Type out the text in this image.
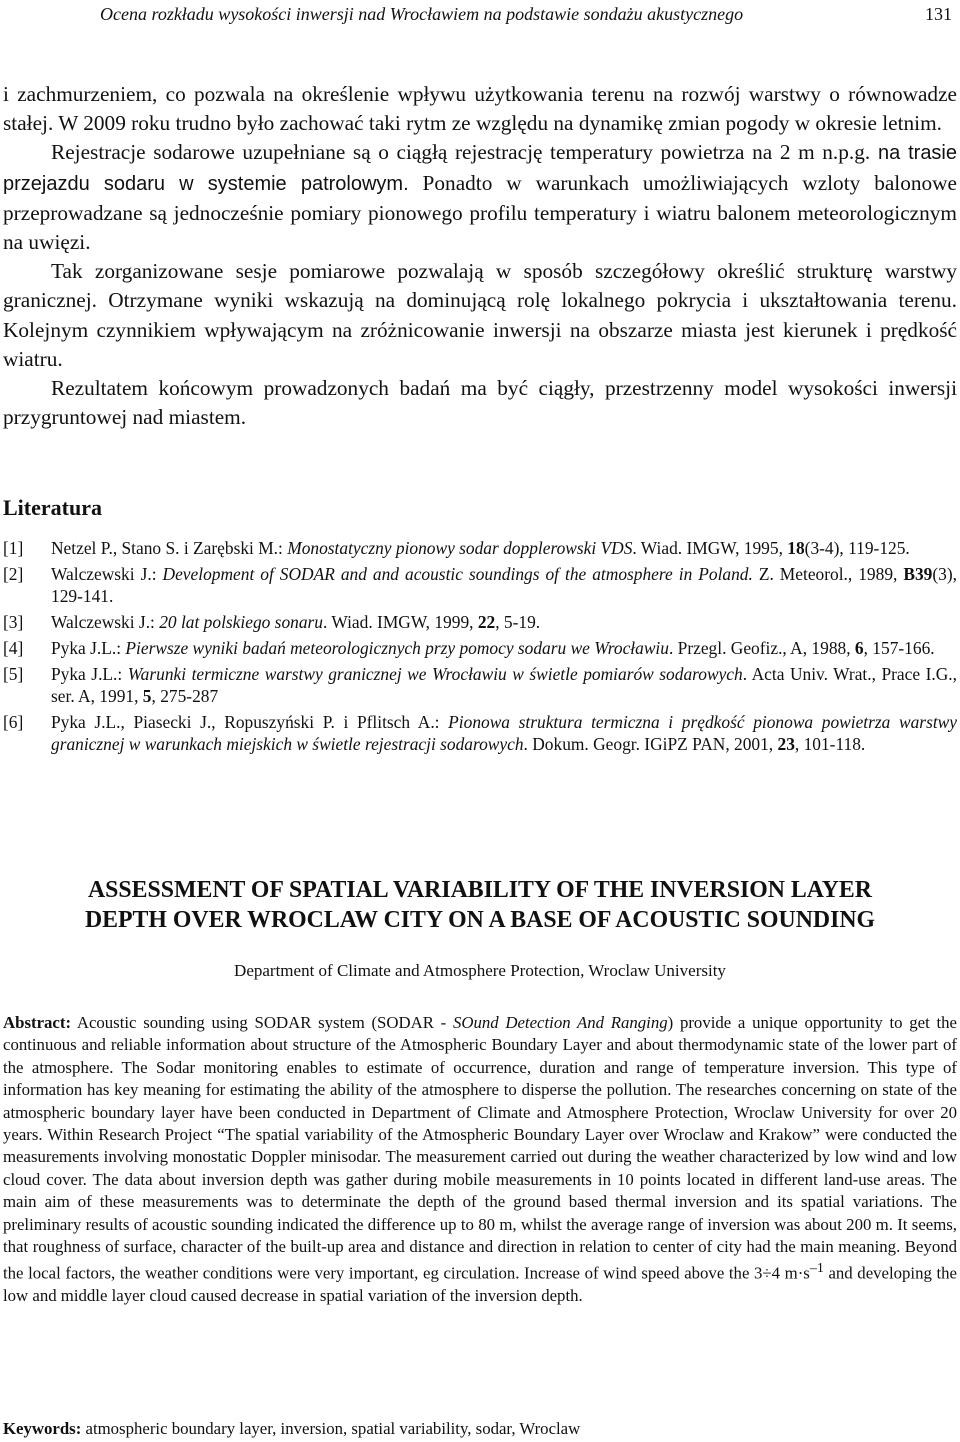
Ocena rozkładu wysokości inwersji nad Wrocławiem na podstawie sondażu akustycznego	131

i zachmurzeniem, co pozwala na określenie wpływu użytkowania terenu na rozwój warstwy o równowadze stałej. W 2009 roku trudno było zachować taki rytm ze względu na dynamikę zmian pogody w okresie letnim.

Rejestracje sodarowe uzupełniane są o ciągłą rejestrację temperatury powietrza na 2 m n.p.g. na trasie przejazdu sodaru w systemie patrolowym. Ponadto w warunkach umożliwiających wzloty balonowe przeprowadzane są jednocześnie pomiary pionowego profilu temperatury i wiatru balonem meteorologicznym na uwięzi.

Tak zorganizowane sesje pomiarowe pozwalają w sposób szczegółowy określić strukturę warstwy granicznej. Otrzymane wyniki wskazują na dominującą rolę lokalnego pokrycia i ukształtowania terenu. Kolejnym czynnikiem wpływającym na zróżnicowanie inwersji na obszarze miasta jest kierunek i prędkość wiatru.

Rezultatem końcowym prowadzonych badań ma być ciągły, przestrzenny model wysokości inwersji przygruntowej nad miastem.

Literatura
[1]	Netzel P., Stano S. i Zarębski M.: Monostatyczny pionowy sodar dopplerowski VDS. Wiad. IMGW, 1995, 18(3-4), 119-125.
[2]	Walczewski J.: Development of SODAR and and acoustic soundings of the atmosphere in Poland. Z. Meteorol., 1989, B39(3), 129-141.
[3]	Walczewski J.: 20 lat polskiego sonaru. Wiad. IMGW, 1999, 22, 5-19.
[4]	Pyka J.L.: Pierwsze wyniki badań meteorologicznych przy pomocy sodaru we Wrocławiu. Przegl. Geofiz., A, 1988, 6, 157-166.
[5]	Pyka J.L.: Warunki termiczne warstwy granicznej we Wrocławiu w świetle pomiarów sodarowych. Acta Univ. Wrat., Prace I.G., ser. A, 1991, 5, 275-287
[6]	Pyka J.L., Piasecki J., Ropuszyński P. i Pflitsch A.: Pionowa struktura termiczna i prędkość pionowa powietrza warstwy granicznej w warunkach miejskich w świetle rejestracji sodarowych. Dokum. Geogr. IGiPZ PAN, 2001, 23, 101-118.
ASSESSMENT OF SPATIAL VARIABILITY OF THE INVERSION LAYER
DEPTH OVER WROCLAW CITY ON A BASE OF ACOUSTIC SOUNDING
Department of Climate and Atmosphere Protection, Wroclaw University
Abstract: Acoustic sounding using SODAR system (SODAR - SOund Detection And Ranging) provide a unique opportunity to get the continuous and reliable information about structure of the Atmospheric Boundary Layer and about thermodynamic state of the lower part of the atmosphere. The Sodar monitoring enables to estimate of occurrence, duration and range of temperature inversion. This type of information has key meaning for estimating the ability of the atmosphere to disperse the pollution. The researches concerning on state of the atmospheric boundary layer have been conducted in Department of Climate and Atmosphere Protection, Wroclaw University for over 20 years. Within Research Project “The spatial variability of the Atmospheric Boundary Layer over Wroclaw and Krakow” were conducted the measurements involving monostatic Doppler minisodar. The measurement carried out during the weather characterized by low wind and low cloud cover. The data about inversion depth was gather during mobile measurements in 10 points located in different land-use areas. The main aim of these measurements was to determinate the depth of the ground based thermal inversion and its spatial variations. The preliminary results of acoustic sounding indicated the difference up to 80 m, whilst the average range of inversion was about 200 m. It seems, that roughness of surface, character of the built-up area and distance and direction in relation to center of city had the main meaning. Beyond the local factors, the weather conditions were very important, eg circulation. Increase of wind speed above the 3÷4 $m\cdot s^{-1}$ and developing the low and middle layer cloud caused decrease in spatial variation of the inversion depth.
Keywords: atmospheric boundary layer, inversion, spatial variability, sodar, Wroclaw
